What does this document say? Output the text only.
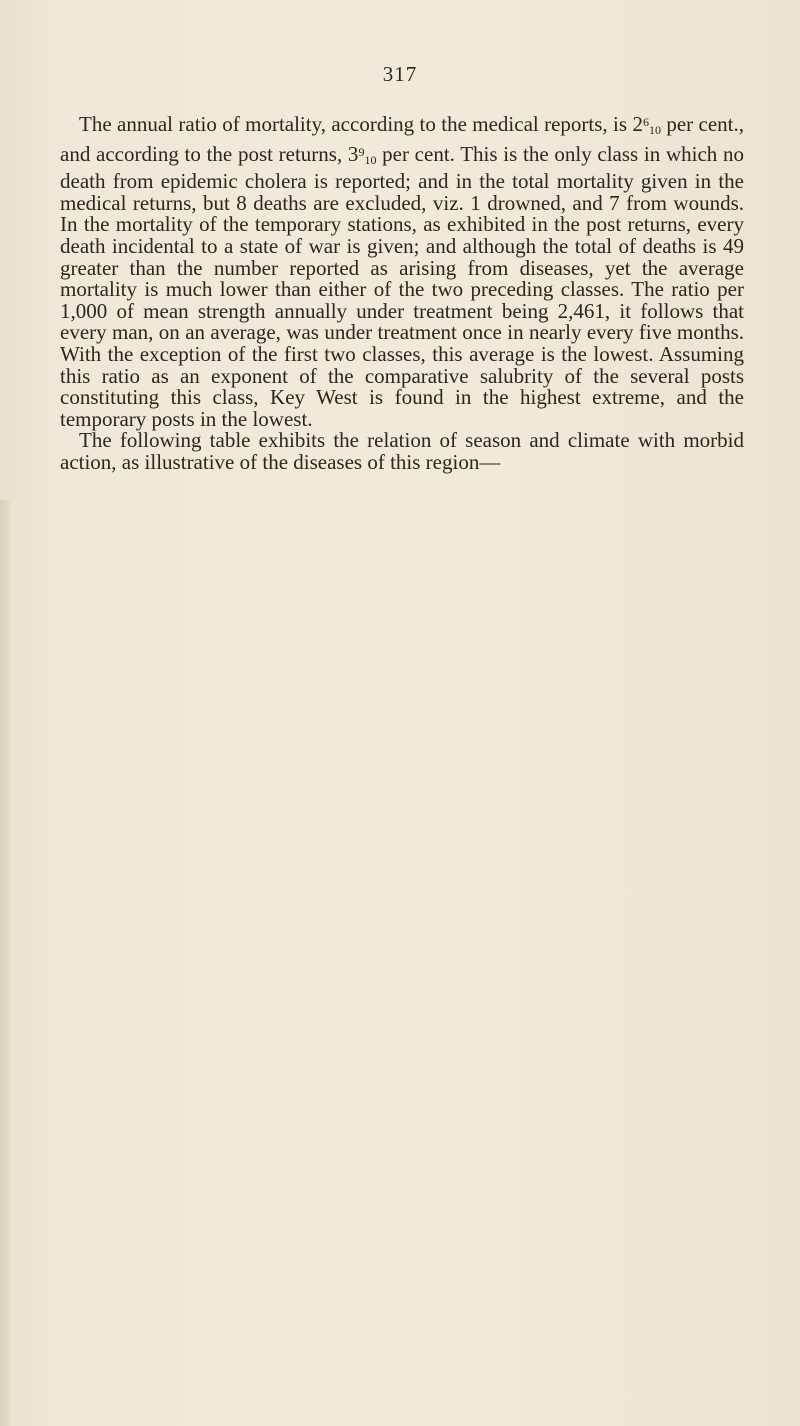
317

The annual ratio of mortality, according to the medical reports, is $2^610$ per cent., and according to the post returns, $3^910$ per cent. This is the only class in which no death from epidemic cholera is reported; and in the total mortality given in the medical returns, but 8 deaths are excluded, viz. 1 drowned, and 7 from wounds. In the mortality of the temporary stations, as exhibited in the post returns, every death incidental to a state of war is given; and although the total of deaths is 49 greater than the number reported as arising from diseases, yet the average mortality is much lower than either of the two preceding classes. The ratio per 1,000 of mean strength annually under treatment being 2,461, it follows that every man, on an average, was under treatment once in nearly every five months. With the exception of the first two classes, this average is the lowest. Assuming this ratio as an exponent of the comparative salubrity of the several posts constituting this class, Key West is found in the highest extreme, and the temporary posts in the lowest.

The following table exhibits the relation of season and climate with morbid action, as illustrative of the diseases of this region—
